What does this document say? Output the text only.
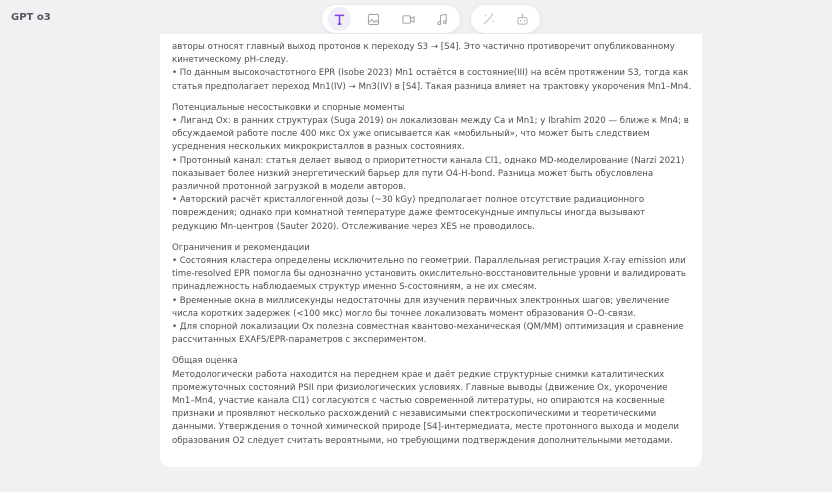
GPT o3

авторы относят главный выход протонов к переходу S3 → [S4]. Это частично противоречит опубликованному кинетическому pH-следу.

• По данным высокочастотного EPR (Isobe 2023) Mn1 остаётся в состояние(III) на всём протяжении S3, тогда как статья предполагает переход Mn1(IV) → Mn3(IV) в [S4]. Такая разница влияет на трактовку укорочения Mn1–Mn4.

Потенциальные несостыковки и спорные моменты

• Лиганд Ox: в ранних структурах (Suga 2019) он локализован между Ca и Mn1; у Ibrahim 2020 — ближе к Mn4; в обсуждаемой работе после 400 мкс Ox уже описывается как «мобильный», что может быть следствием усреднения нескольких микрокристаллов в разных состояниях.

• Протонный канал: статья делает вывод о приоритетности канала Cl1, однако MD-моделирование (Narzi 2021) показывает более низкий энергетический барьер для пути O4-H-bond. Разница может быть обусловлена различной протонной загрузкой в модели авторов.

• Авторский расчёт кристаллогенной дозы (~30 kGy) предполагает полное отсутствие радиационного повреждения; однако при комнатной температуре даже фемтосекундные импульсы иногда вызывают редукцию Mn-центров (Sauter 2020). Отслеживание через XES не проводилось.

Ограничения и рекомендации

• Состояния кластера определены исключительно по геометрии. Параллельная регистрация X-ray emission или time-resolved EPR помогла бы однозначно установить окислительно-восстановительные уровни и валидировать принадлежность наблюдаемых структур именно S-состояниям, а не их смесям.

• Временные окна в миллисекунды недостаточны для изучения первичных электронных шагов; увеличение числа коротких задержек (<100 мкс) могло бы точнее локализовать момент образования O–O-связи.

• Для спорной локализации Ox полезна совместная квантово-механическая (QM/MM) оптимизация и сравнение рассчитанных EXAFS/EPR-параметров с экспериментом.

Общая оценка

Методологически работа находится на переднем крае и даёт редкие структурные снимки каталитических промежуточных состояний PSII при физиологических условиях. Главные выводы (движение Ox, укорочение Mn1–Mn4, участие канала Cl1) согласуются с частью современной литературы, но опираются на косвенные признаки и проявляют несколько расхождений с независимыми спектроскопическими и теоретическими данными. Утверждения о точной химической природе [S4]-интермедиата, месте протонного выхода и модели образования O2 следует считать вероятными, но требующими подтверждения дополнительными методами.
